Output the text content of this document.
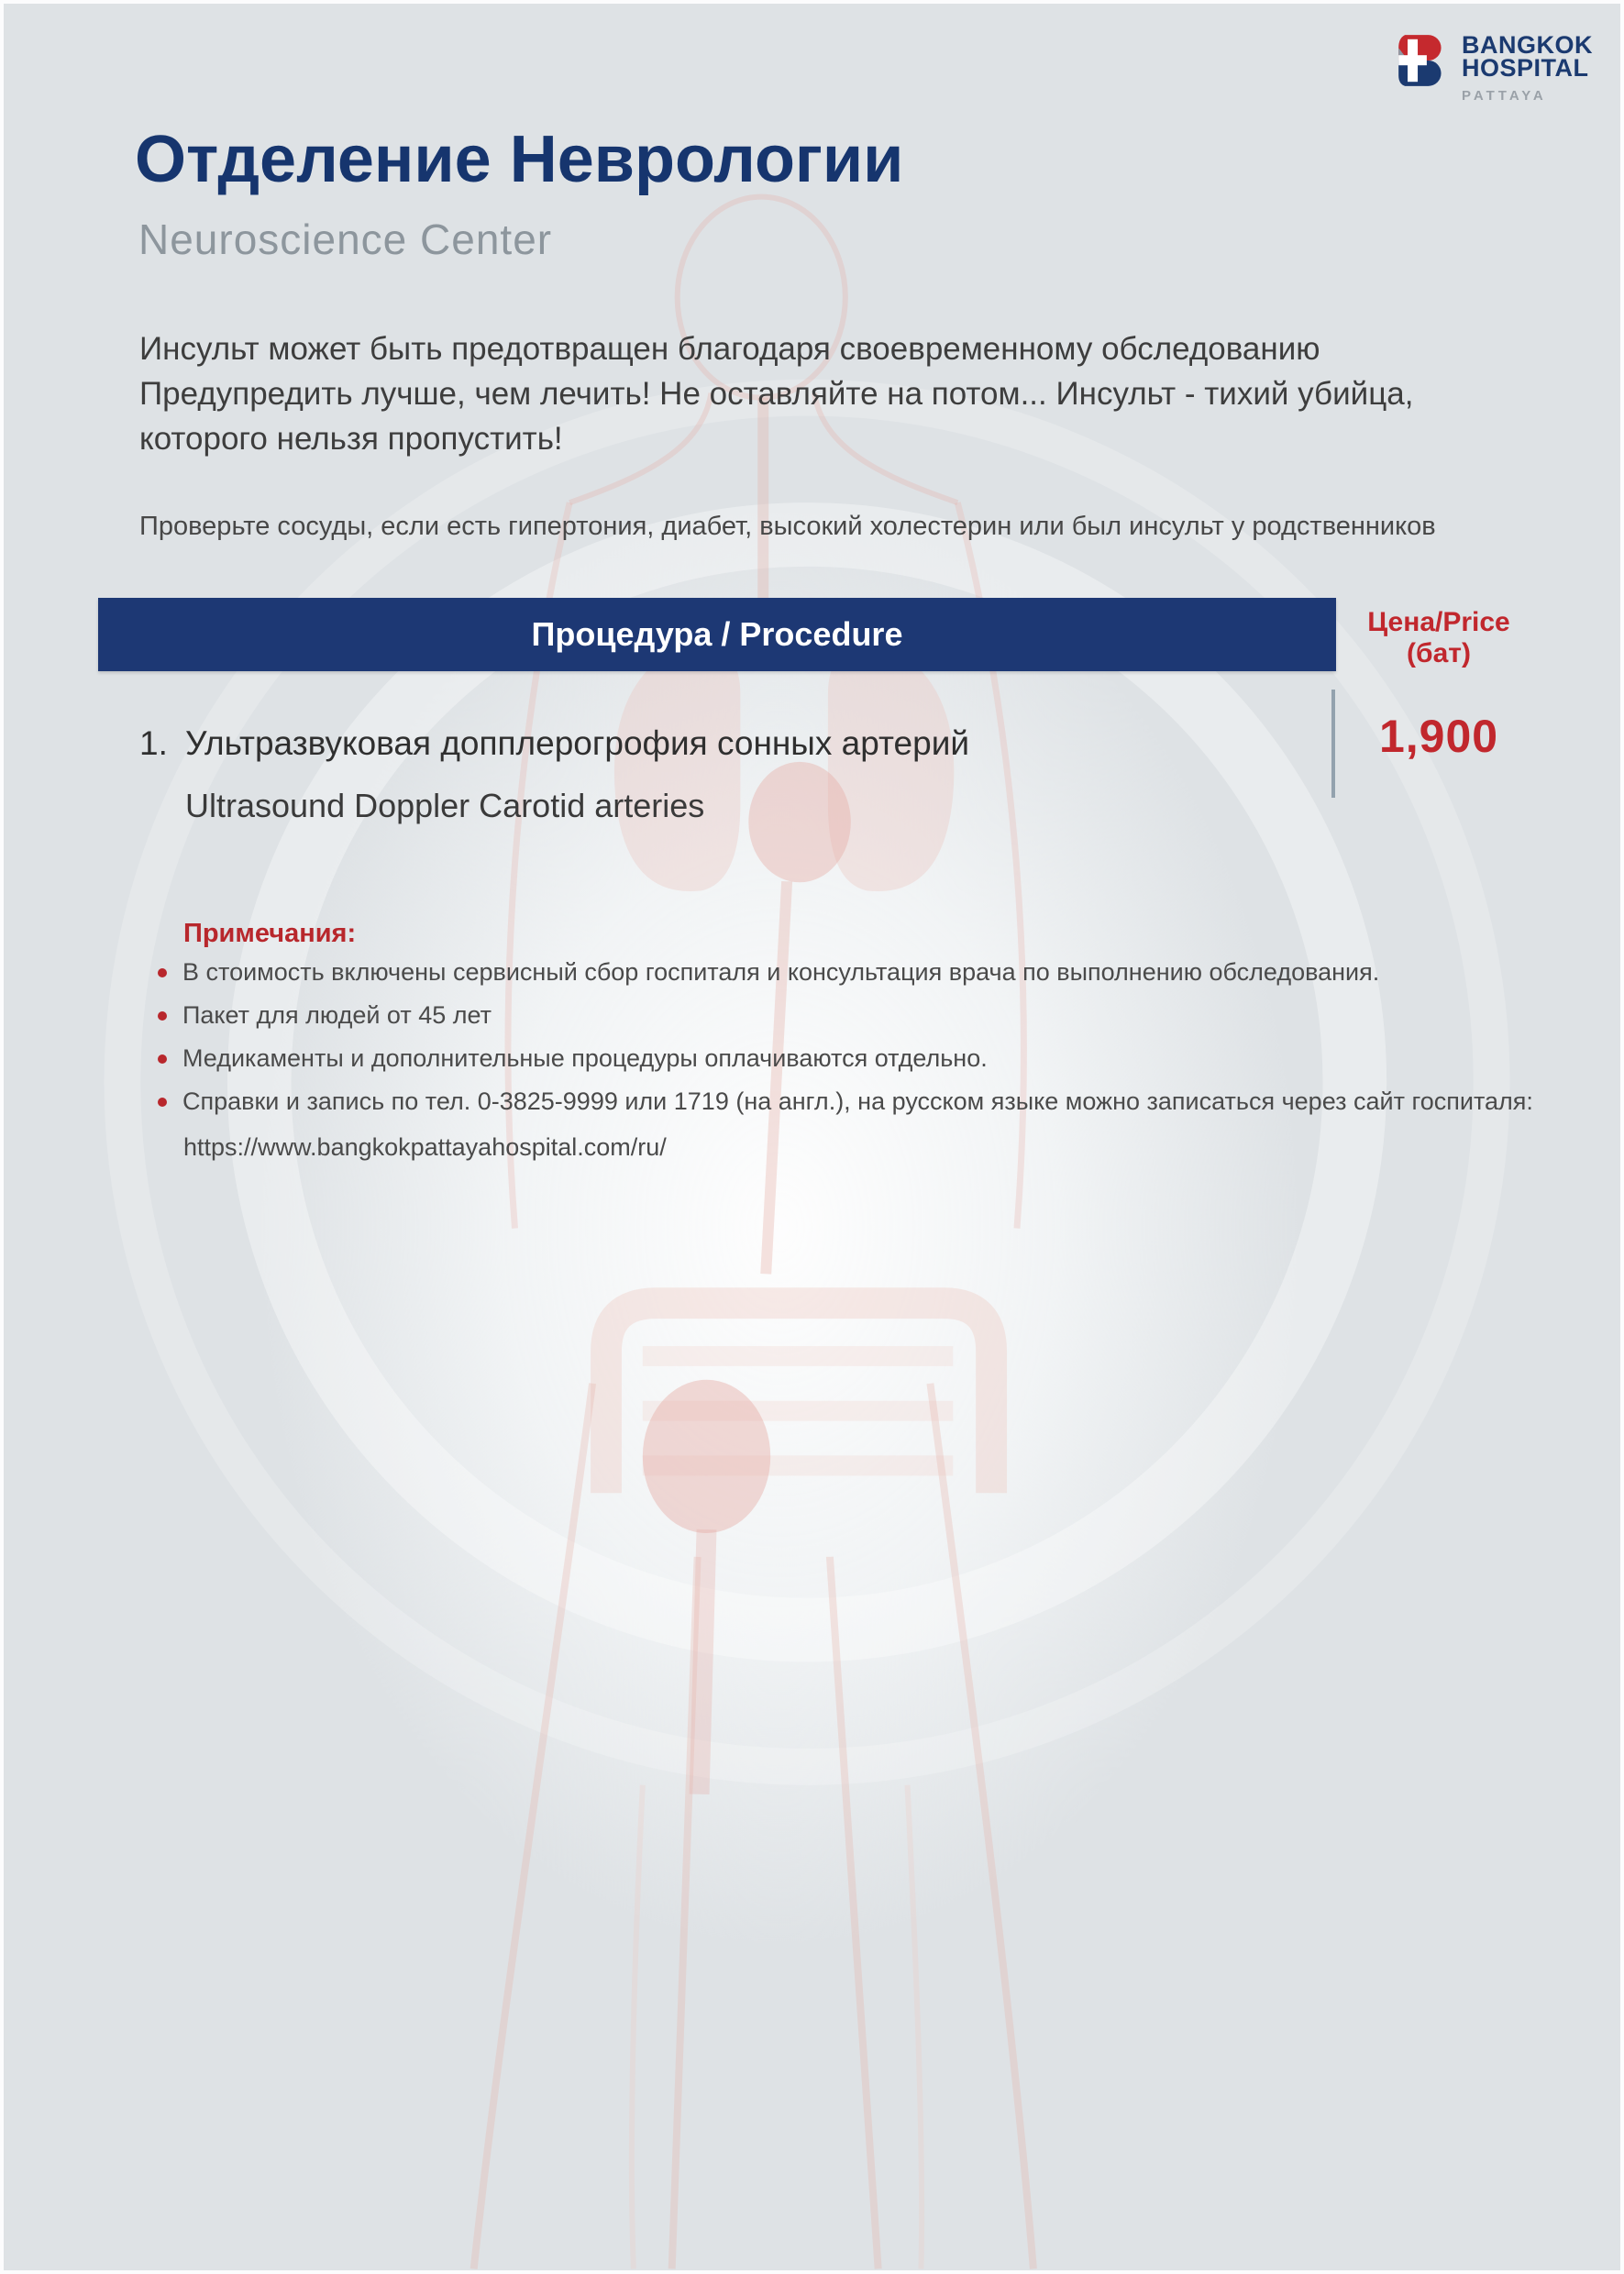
BANGKOK
HOSPITAL
PATTAYA
Отделение Неврологии
Neuroscience Center
Инсульт может быть предотвращен благодаря своевременному обследованию
Предупредить лучше, чем лечить! Не оставляйте на потом... Инсульт - тихий убийца,
которого нельзя пропустить!
Проверьте сосуды, если есть гипертония, диабет, высокий холестерин или был инсульт у родственников
Процедура / Procedure	Цена/Price
(бат)
1. Ультразвуковая допплерогрофия сонных артерий
Ultrasound Doppler Carotid arteries
1,900
Примечания:
В стоимость включены сервисный сбор госпиталя и консультация врача по выполнению обследования.
Пакет для людей от 45 лет
Медикаменты и дополнительные процедуры оплачиваются отдельно.
Справки и запись по тел. 0-3825-9999 или 1719 (на англ.), на русском языке можно записаться через сайт госпиталя:
https://www.bangkokpattayahospital.com/ru/
